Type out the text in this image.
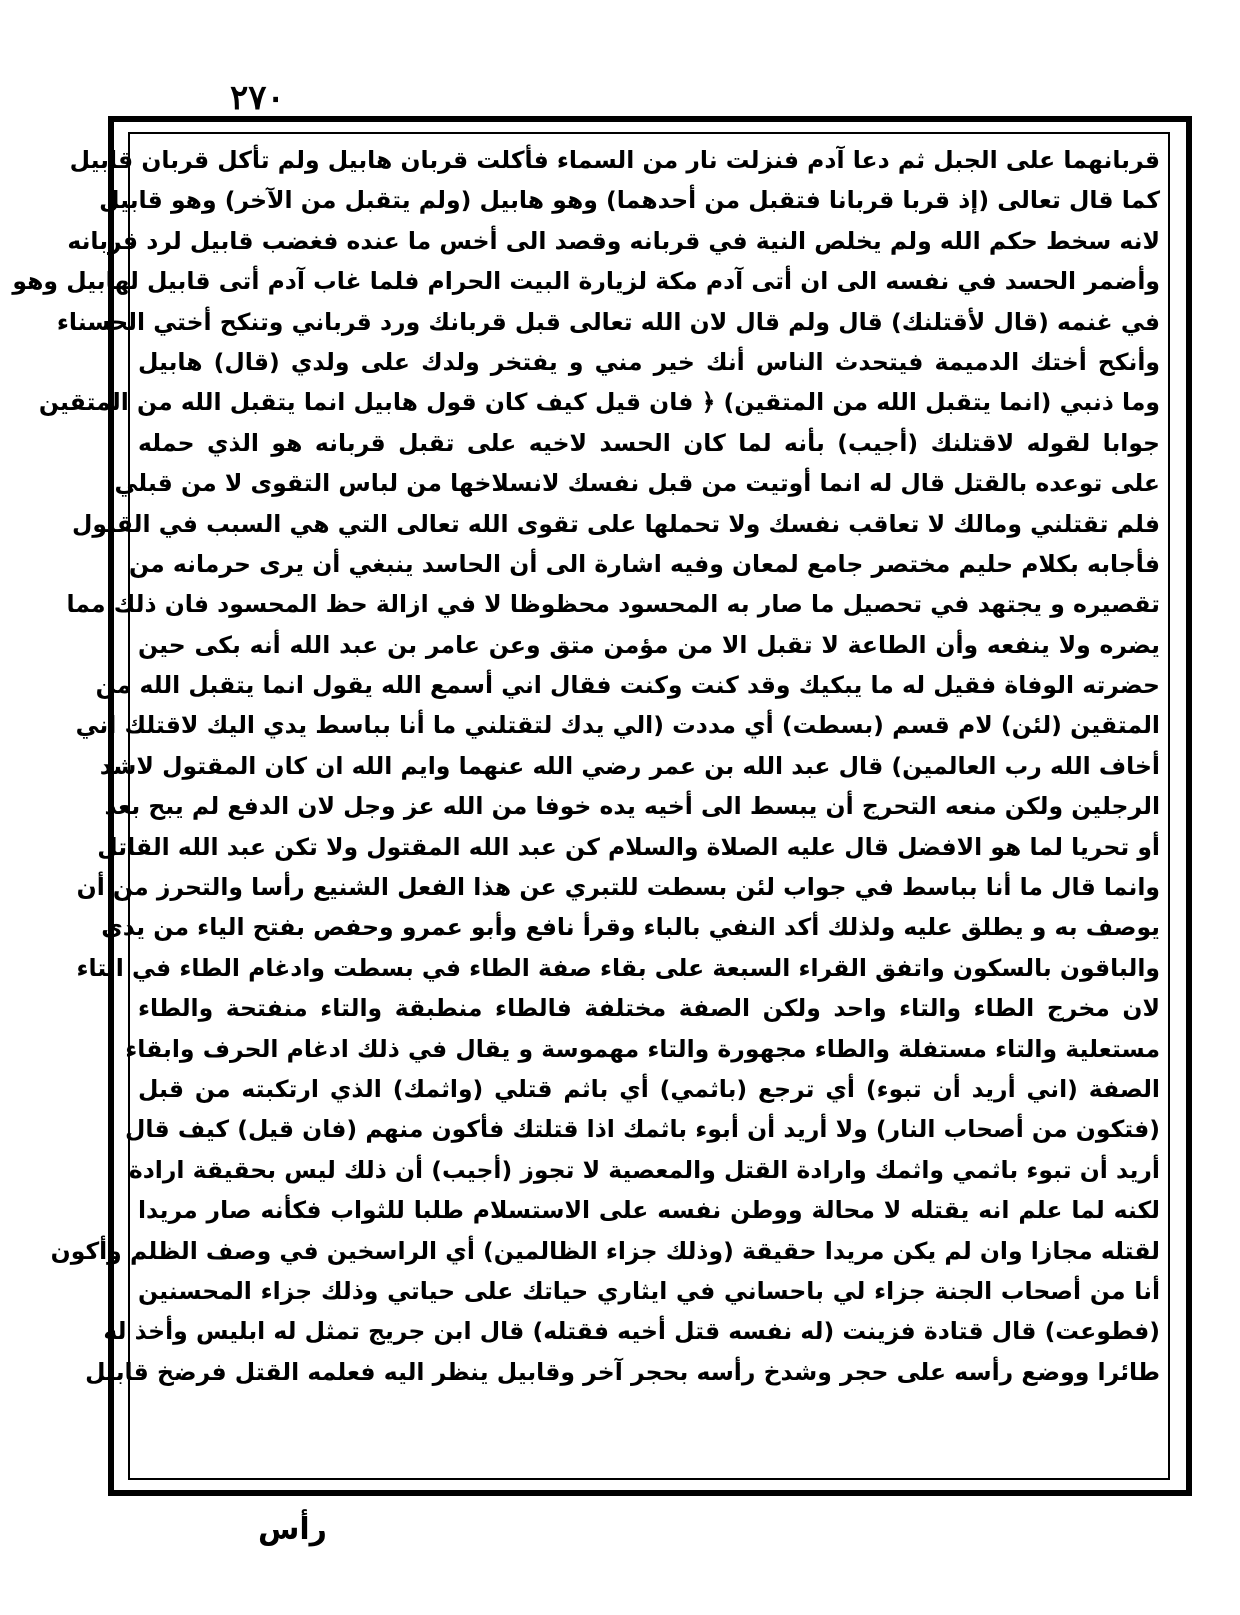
٢٧٠
قربانهما على الجبل ثم دعا آدم فنزلت نار من السماء فأكلت قربان هابيل ولم تأكل قربان قابيل
كما قال تعالى (إذ قربا قربانا فتقبل من أحدهما) وهو هابيل (ولم يتقبل من الآخر) وهو قابيل
لانه سخط حكم الله ولم يخلص النية في قربانه وقصد الى أخس ما عنده فغضب قابيل لرد قربانه
وأضمر الحسد في نفسه الى ان أتى آدم مكة لزيارة البيت الحرام فلما غاب آدم أتى قابيل لهابيل وهو
في غنمه (قال لأقتلنك) قال ولم قال لان الله تعالى قبل قربانك ورد قرباني وتنكح أختي الحسناء
وأنكح أختك الدميمة فيتحدث الناس أنك خير مني و يفتخر ولدك على ولدي (قال) هابيل
وما ذنبي (انما يتقبل الله من المتقين) ﴿ فان قيل كيف كان قول هابيل انما يتقبل الله من المتقين
جوابا لقوله لاقتلنك (أجيب) بأنه لما كان الحسد لاخيه على تقبل قربانه هو الذي حمله
على توعده بالقتل قال له انما أوتيت من قبل نفسك لانسلاخها من لباس التقوى لا من قبلي
فلم تقتلني ومالك لا تعاقب نفسك ولا تحملها على تقوى الله تعالى التي هي السبب في القبول
فأجابه بكلام حليم مختصر جامع لمعان وفيه اشارة الى أن الحاسد ينبغي أن يرى حرمانه من
تقصيره و يجتهد في تحصيل ما صار به المحسود محظوظا لا في ازالة حظ المحسود فان ذلك مما
يضره ولا ينفعه وأن الطاعة لا تقبل الا من مؤمن متق وعن عامر بن عبد الله أنه بكى حين
حضرته الوفاة فقيل له ما يبكيك وقد كنت وكنت فقال اني أسمع الله يقول انما يتقبل الله من
المتقين (لئن) لام قسم (بسطت) أي مددت (الي يدك لتقتلني ما أنا بباسط يدي اليك لاقتلك اني
أخاف الله رب العالمين) قال عبد الله بن عمر رضي الله عنهما وايم الله ان كان المقتول لاشد
الرجلين ولكن منعه التحرج أن يبسط الى أخيه يده خوفا من الله عز وجل لان الدفع لم يبح بعد
أو تحريا لما هو الافضل قال عليه الصلاة والسلام كن عبد الله المقتول ولا تكن عبد الله القاتل
وانما قال ما أنا بباسط في جواب لئن بسطت للتبري عن هذا الفعل الشنيع رأسا والتحرز من أن
يوصف به و يطلق عليه ولذلك أكد النفي بالباء وقرأ نافع وأبو عمرو وحفص بفتح الياء من يدي
والباقون بالسكون واتفق القراء السبعة على بقاء صفة الطاء في بسطت وادغام الطاء في التاء
لان مخرج الطاء والتاء واحد ولكن الصفة مختلفة فالطاء منطبقة والتاء منفتحة والطاء
مستعلية والتاء مستفلة والطاء مجهورة والتاء مهموسة و يقال في ذلك ادغام الحرف وابقاء
الصفة (اني أريد أن تبوء) أي ترجع (باثمي) أي باثم قتلي (واثمك) الذي ارتكبته من قبل
(فتكون من أصحاب النار) ولا أريد أن أبوء باثمك اذا قتلتك فأكون منهم (فان قيل) كيف قال
أريد أن تبوء باثمي واثمك وارادة القتل والمعصية لا تجوز (أجيب) أن ذلك ليس بحقيقة ارادة
لكنه لما علم انه يقتله لا محالة ووطن نفسه على الاستسلام طلبا للثواب فكأنه صار مريدا
لقتله مجازا وان لم يكن مريدا حقيقة (وذلك جزاء الظالمين) أي الراسخين في وصف الظلم وأكون
أنا من أصحاب الجنة جزاء لي باحساني في ايثاري حياتك على حياتي وذلك جزاء المحسنين
(فطوعت) قال قتادة فزينت (له نفسه قتل أخيه فقتله) قال ابن جريج تمثل له ابليس وأخذ له
طائرا ووضع رأسه على حجر وشدخ رأسه بحجر آخر وقابيل ينظر اليه فعلمه القتل فرضخ قابيل
رأس
